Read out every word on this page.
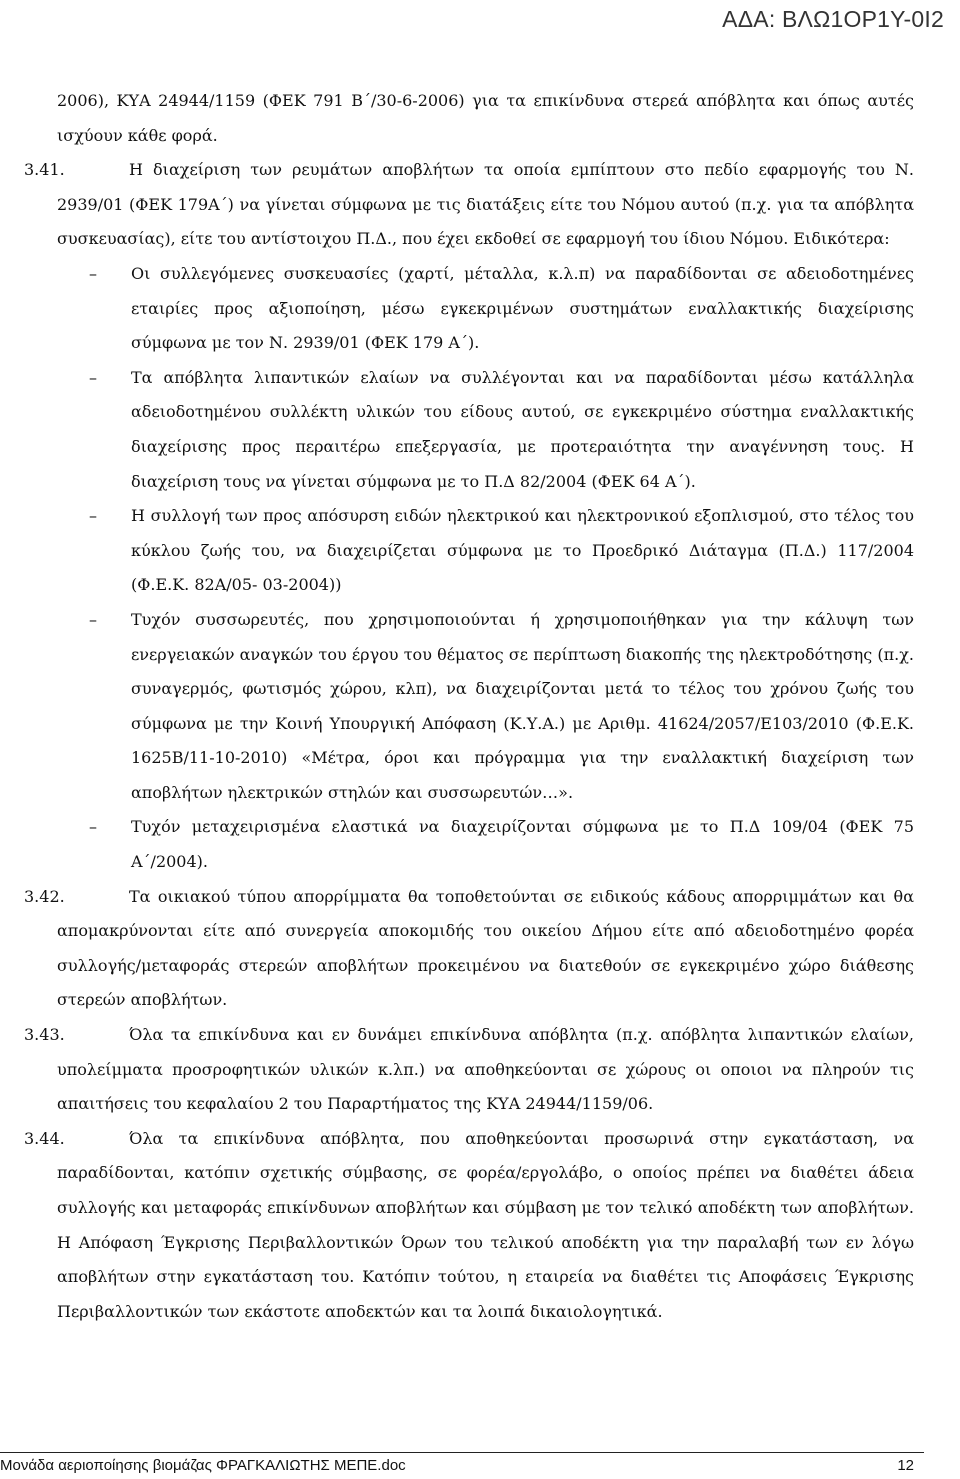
ΑΔΑ: ΒΛΩ1ΟΡ1Υ-0Ι2

2006), ΚΥΑ 24944/1159 (ΦΕΚ 791 Β΄/30-6-2006) για τα επικίνδυνα στερεά απόβλητα και όπως αυτές ισχύουν κάθε φορά.

3.41.	Η διαχείριση των ρευμάτων αποβλήτων τα οποία εμπίπτουν στο πεδίο εφαρμογής του Ν. 2939/01 (ΦΕΚ 179Α΄) να γίνεται σύμφωνα με τις διατάξεις είτε του Νόμου αυτού (π.χ. για τα απόβλητα συσκευασίας), είτε του αντίστοιχου Π.Δ., που έχει εκδοθεί σε εφαρμογή του ίδιου Νόμου. Ειδικότερα:

– Οι συλλεγόμενες συσκευασίες (χαρτί, μέταλλα, κ.λ.π) να παραδίδονται σε αδειοδοτημένες εταιρίες προς αξιοποίηση, μέσω εγκεκριμένων συστημάτων εναλλακτικής διαχείρισης σύμφωνα με τον Ν. 2939/01 (ΦΕΚ 179 Α΄).
– Τα απόβλητα λιπαντικών ελαίων να συλλέγονται και να παραδίδονται μέσω κατάλληλα αδειοδοτημένου συλλέκτη υλικών του είδους αυτού, σε εγκεκριμένο σύστημα εναλλακτικής διαχείρισης προς περαιτέρω επεξεργασία, με προτεραιότητα την αναγέννηση τους. Η διαχείριση τους να γίνεται σύμφωνα με το Π.Δ 82/2004 (ΦΕΚ 64 Α΄).
– Η συλλογή των προς απόσυρση ειδών ηλεκτρικού και ηλεκτρονικού εξοπλισμού, στο τέλος του κύκλου ζωής του, να διαχειρίζεται σύμφωνα με το Προεδρικό Διάταγμα (Π.Δ.) 117/2004 (Φ.Ε.Κ. 82Α/05- 03-2004))
– Τυχόν συσσωρευτές, που χρησιμοποιούνται ή χρησιμοποιήθηκαν για την κάλυψη των ενεργειακών αναγκών του έργου του θέματος σε περίπτωση διακοπής της ηλεκτροδότησης (π.χ. συναγερμός, φωτισμός χώρου, κλπ), να διαχειρίζονται μετά το τέλος του χρόνου ζωής του σύμφωνα με την Κοινή Υπουργική Απόφαση (Κ.Υ.Α.) με Αριθμ. 41624/2057/Ε103/2010 (Φ.Ε.Κ. 1625Β/11-10-2010) «Μέτρα, όροι και πρόγραμμα για την εναλλακτική διαχείριση των αποβλήτων ηλεκτρικών στηλών και συσσωρευτών…».
– Τυχόν μεταχειρισμένα ελαστικά να διαχειρίζονται σύμφωνα με το Π.Δ 109/04 (ΦΕΚ 75 Α΄/2004).
3.42.	Τα οικιακού τύπου απορρίμματα θα τοποθετούνται σε ειδικούς κάδους απορριμμάτων και θα απομακρύνονται είτε από συνεργεία αποκομιδής του οικείου Δήμου είτε από αδειοδοτημένο φορέα συλλογής/μεταφοράς στερεών αποβλήτων προκειμένου να διατεθούν σε εγκεκριμένο χώρο διάθεσης στερεών αποβλήτων.

3.43.	Όλα τα επικίνδυνα και εν δυνάμει επικίνδυνα απόβλητα (π.χ. απόβλητα λιπαντικών ελαίων, υπολείμματα προσροφητικών υλικών κ.λπ.) να αποθηκεύονται σε χώρους οι οποιοι να πληρούν τις απαιτήσεις του κεφαλαίου 2 του Παραρτήματος της ΚΥΑ 24944/1159/06.

3.44.	Όλα τα επικίνδυνα απόβλητα, που αποθηκεύονται προσωρινά στην εγκατάσταση, να παραδίδονται, κατόπιν σχετικής σύμβασης, σε φορέα/εργολάβο, ο οποίος πρέπει να διαθέτει άδεια συλλογής και μεταφοράς επικίνδυνων αποβλήτων και σύμβαση με τον τελικό αποδέκτη των αποβλήτων. Η Απόφαση Έγκρισης Περιβαλλοντικών Όρων του τελικού αποδέκτη για την παραλαβή των εν λόγω αποβλήτων στην εγκατάσταση του. Κατόπιν τούτου, η εταιρεία να διαθέτει τις Αποφάσεις Έγκρισης Περιβαλλοντικών των εκάστοτε αποδεκτών και τα λοιπά δικαιολογητικά.

Μονάδα αεριοποίησης βιομάζας ΦΡΑΓΚΑΛΙΩΤΗΣ ΜΕΠΕ.doc	12
